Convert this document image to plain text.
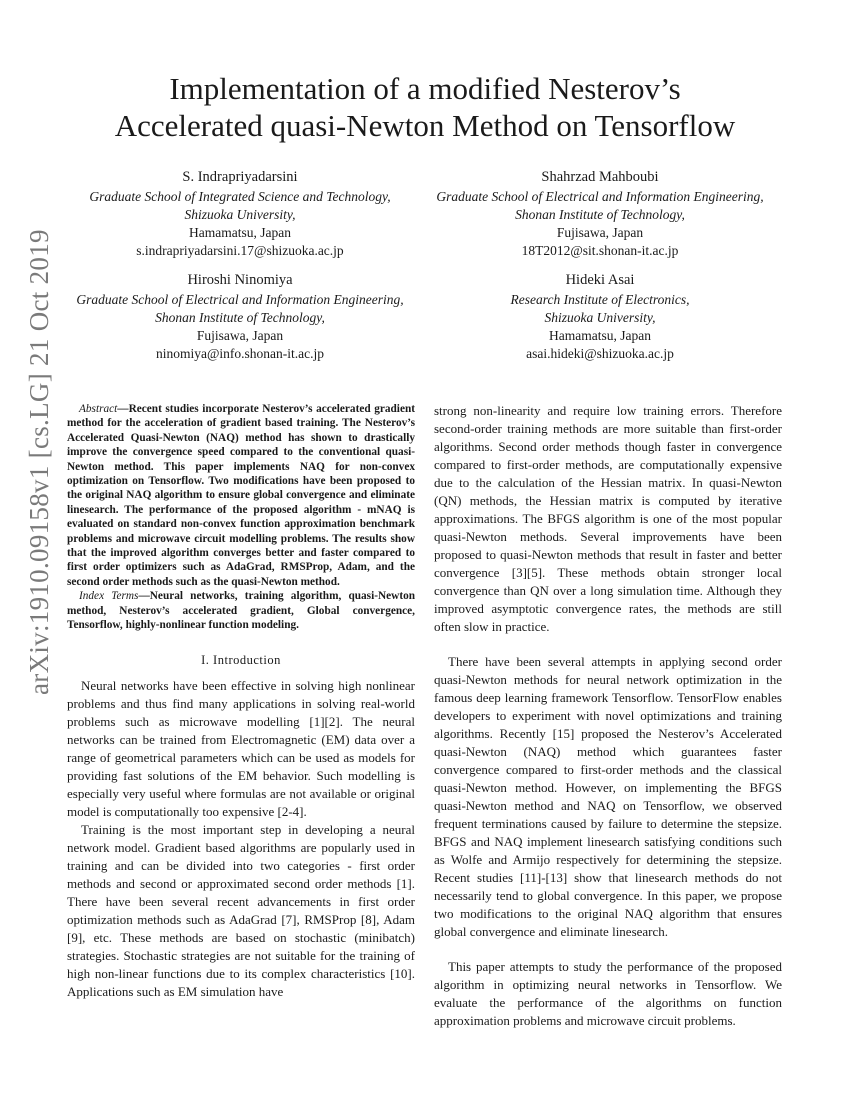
arXiv:1910.09158v1 [cs.LG] 21 Oct 2019
Implementation of a modified Nesterov’s
Accelerated quasi-Newton Method on Tensorflow
S. Indrapriyadarsini
Graduate School of Integrated Science and Technology,
Shizuoka University,
Hamamatsu, Japan
s.indrapriyadarsini.17@shizuoka.ac.jp
Shahrzad Mahboubi
Graduate School of Electrical and Information Engineering,
Shonan Institute of Technology,
Fujisawa, Japan
18T2012@sit.shonan-it.ac.jp
Hiroshi Ninomiya
Graduate School of Electrical and Information Engineering,
Shonan Institute of Technology,
Fujisawa, Japan
ninomiya@info.shonan-it.ac.jp
Hideki Asai
Research Institute of Electronics,
Shizuoka University,
Hamamatsu, Japan
asai.hideki@shizuoka.ac.jp

Abstract—Recent studies incorporate Nesterov’s accelerated gradient method for the acceleration of gradient based training. The Nesterov’s Accelerated Quasi-Newton (NAQ) method has shown to drastically improve the convergence speed compared to the conventional quasi-Newton method. This paper implements NAQ for non-convex optimization on Tensorflow. Two modifications have been proposed to the original NAQ algorithm to ensure global convergence and eliminate linesearch. The performance of the proposed algorithm - mNAQ is evaluated on standard non-convex function approximation benchmark problems and microwave circuit modelling problems. The results show that the improved algorithm converges better and faster compared to first order optimizers such as AdaGrad, RMSProp, Adam, and the second order methods such as the quasi-Newton method.

Index Terms—Neural networks, training algorithm, quasi-Newton method, Nesterov’s accelerated gradient, Global convergence, Tensorflow, highly-nonlinear function modeling.

I. Introduction

Neural networks have been effective in solving high nonlinear problems and thus find many applications in solving real-world problems such as microwave modelling [1][2]. The neural networks can be trained from Electromagnetic (EM) data over a range of geometrical parameters which can be used as models for providing fast solutions of the EM behavior. Such modelling is especially very useful where formulas are not available or original model is computationally too expensive [2-4].

Training is the most important step in developing a neural network model. Gradient based algorithms are popularly used in training and can be divided into two categories - first order methods and second or approximated second order methods [1]. There have been several recent advancements in first order optimization methods such as AdaGrad [7], RMSProp [8], Adam [9], etc. These methods are based on stochastic (minibatch) strategies. Stochastic strategies are not suitable for the training of high non-linear functions due to its complex characteristics [10]. Applications such as EM simulation have

strong non-linearity and require low training errors. Therefore second-order training methods are more suitable than first-order algorithms. Second order methods though faster in convergence compared to first-order methods, are computationally expensive due to the calculation of the Hessian matrix. In quasi-Newton (QN) methods, the Hessian matrix is computed by iterative approximations. The BFGS algorithm is one of the most popular quasi-Newton methods. Several improvements have been proposed to quasi-Newton methods that result in faster and better convergence [3][5]. These methods obtain stronger local convergence than QN over a long simulation time. Although they improved asymptotic convergence rates, the methods are still often slow in practice.

There have been several attempts in applying second order quasi-Newton methods for neural network optimization in the famous deep learning framework Tensorflow. TensorFlow enables developers to experiment with novel optimizations and training algorithms. Recently [15] proposed the Nesterov’s Accelerated quasi-Newton (NAQ) method which guarantees faster convergence compared to first-order methods and the classical quasi-Newton method. However, on implementing the BFGS quasi-Newton method and NAQ on Tensorflow, we observed frequent terminations caused by failure to determine the stepsize. BFGS and NAQ implement linesearch satisfying conditions such as Wolfe and Armijo respectively for determining the stepsize. Recent studies [11]-[13] show that linesearch methods do not necessarily tend to global convergence. In this paper, we propose two modifications to the original NAQ algorithm that ensures global convergence and eliminate linesearch.

This paper attempts to study the performance of the proposed algorithm in optimizing neural networks in Tensorflow. We evaluate the performance of the algorithms on function approximation problems and microwave circuit problems.
